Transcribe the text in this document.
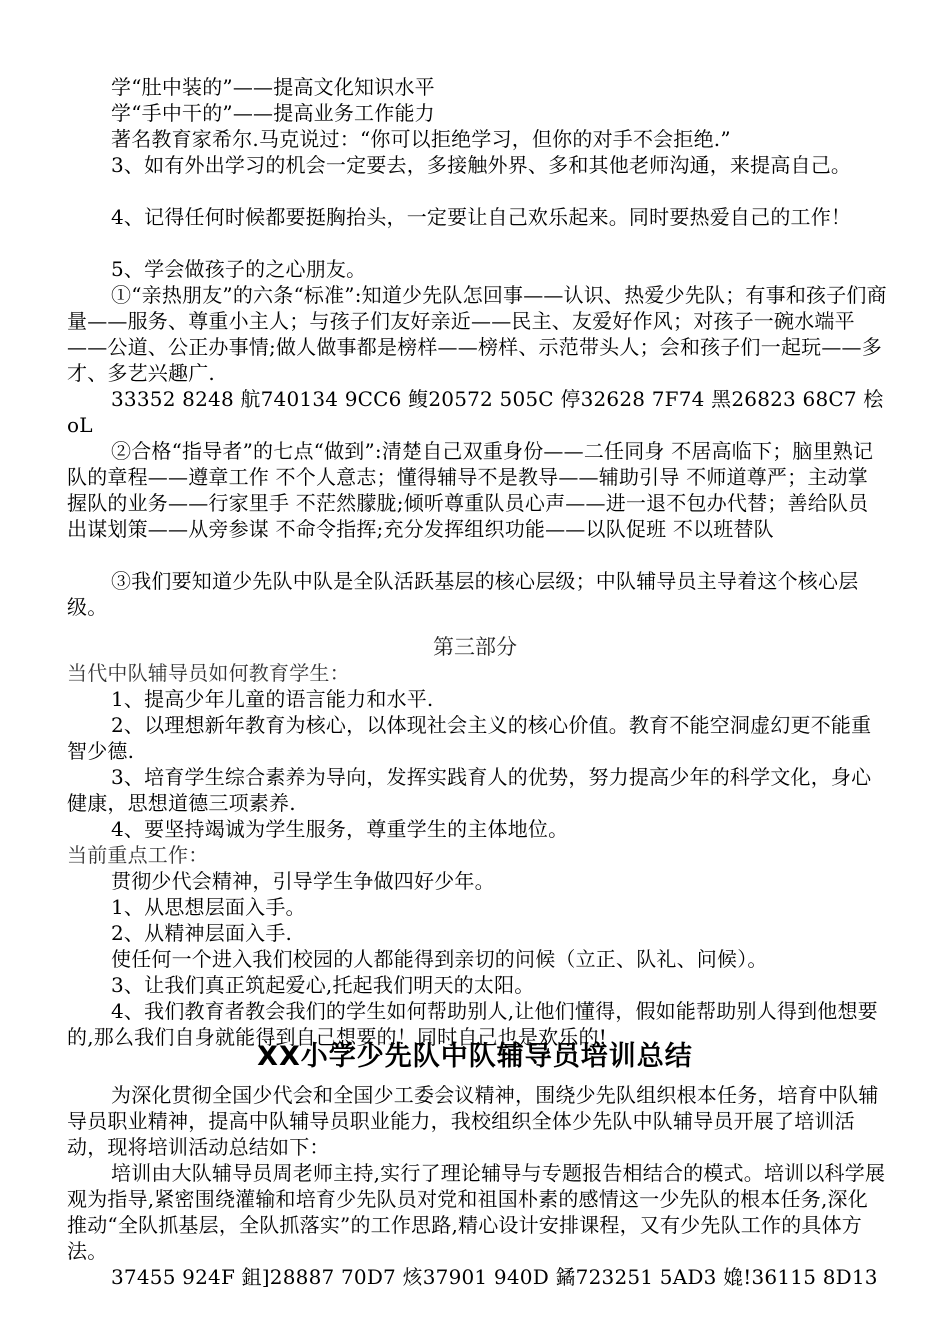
学“肚中装的”——提高文化知识水平
学“手中干的”——提高业务工作能力
著名教育家希尔.马克说过：“你可以拒绝学习，但你的对手不会拒绝.”
3、如有外出学习的机会一定要去，多接触外界、多和其他老师沟通，来提高自己。
4、记得任何时候都要挺胸抬头，一定要让自己欢乐起来。同时要热爱自己的工作！
5、学会做孩子的之心朋友。
①“亲热朋友”的六条“标准”:知道少先队怎回事——认识、热爱少先队；有事和孩子们商量——服务、尊重小主人；与孩子们友好亲近——民主、友爱好作风；对孩子一碗水端平——公道、公正办事情;做人做事都是榜样——榜样、示范带头人；会和孩子们一起玩——多才、多艺兴趣广.
33352 8248 航740134 9CC6 鳆20572 505C 停32628 7F74 黑26823 68C7 桧oL
②合格“指导者”的七点“做到”:清楚自己双重身份——二任同身 不居高临下；脑里熟记队的章程——遵章工作 不个人意志；懂得辅导不是教导——辅助引导 不师道尊严；主动掌握队的业务——行家里手 不茫然朦胧;倾听尊重队员心声——进一退不包办代替；善给队员出谋划策——从旁参谋 不命令指挥;充分发挥组织功能——以队促班 不以班替队
③我们要知道少先队中队是全队活跃基层的核心层级；中队辅导员主导着这个核心层级。
第三部分
当代中队辅导员如何教育学生：
1、提高少年儿童的语言能力和水平.
2、以理想新年教育为核心，以体现社会主义的核心价值。教育不能空洞虚幻更不能重智少德.
3、培育学生综合素养为导向，发挥实践育人的优势，努力提高少年的科学文化，身心健康，思想道德三项素养.
4、要坚持竭诚为学生服务，尊重学生的主体地位。
当前重点工作：
贯彻少代会精神，引导学生争做四好少年。
1、从思想层面入手。
2、从精神层面入手.
使任何一个进入我们校园的人都能得到亲切的问候（立正、队礼、问候）。
3、让我们真正筑起爱心,托起我们明天的太阳。
4、我们教育者教会我们的学生如何帮助别人,让他们懂得，假如能帮助别人得到他想要的,那么我们自身就能得到自己想要的！同时自己也是欢乐的!
XX小学少先队中队辅导员培训总结
为深化贯彻全国少代会和全国少工委会议精神，围绕少先队组织根本任务，培育中队辅导员职业精神，提高中队辅导员职业能力，我校组织全体少先队中队辅导员开展了培训活动，现将培训活动总结如下：
培训由大队辅导员周老师主持,实行了理论辅导与专题报告相结合的模式。培训以科学展观为指导,紧密围绕灌输和培育少先队员对党和祖国朴素的感情这一少先队的根本任务,深化推动“全队抓基层，全队抓落实”的工作思路,精心设计安排课程，又有少先队工作的具体方法。
37455 924F 鉏]28887 70D7 烗37901 940D 鐍723251 5AD3 嫓!36115 8D13
